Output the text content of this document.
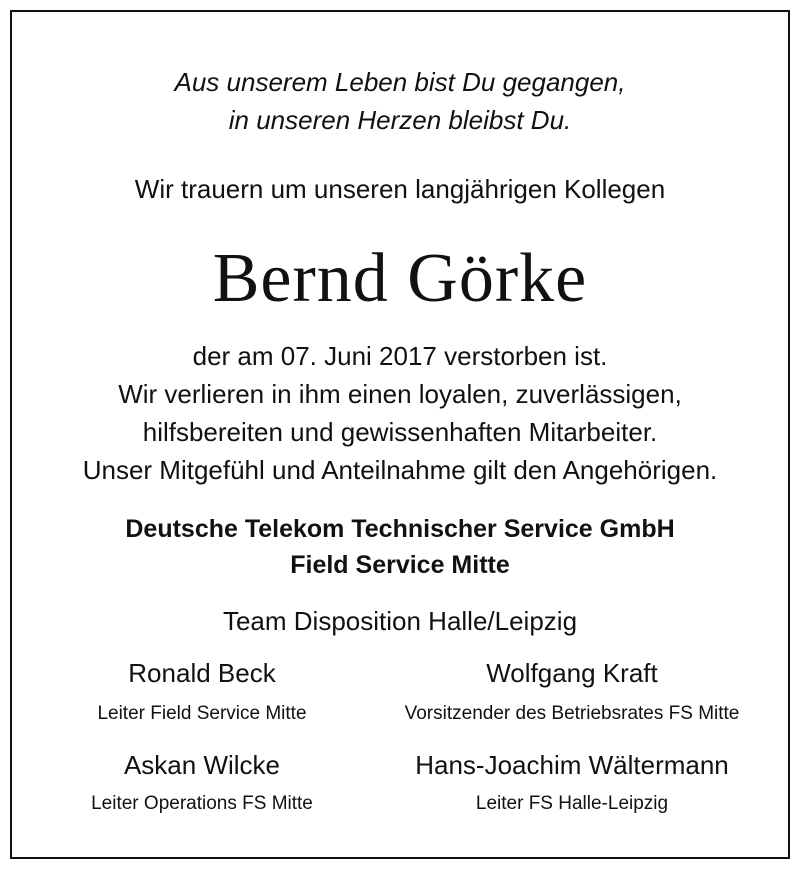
Aus unserem Leben bist Du gegangen,
in unseren Herzen bleibst Du.
Wir trauern um unseren langjährigen Kollegen
Bernd Görke
der am 07. Juni 2017 verstorben ist.
Wir verlieren in ihm einen loyalen, zuverlässigen,
hilfsbereiten und gewissenhaften Mitarbeiter.
Unser Mitgefühl und Anteilnahme gilt den Angehörigen.
Deutsche Telekom Technischer Service GmbH
Field Service Mitte
Team Disposition Halle/Leipzig
Ronald Beck	Wolfgang Kraft
Leiter Field Service Mitte	Vorsitzender des Betriebsrates FS Mitte
Askan Wilcke	Hans-Joachim Wältermann
Leiter Operations FS Mitte	Leiter FS Halle-Leipzig
